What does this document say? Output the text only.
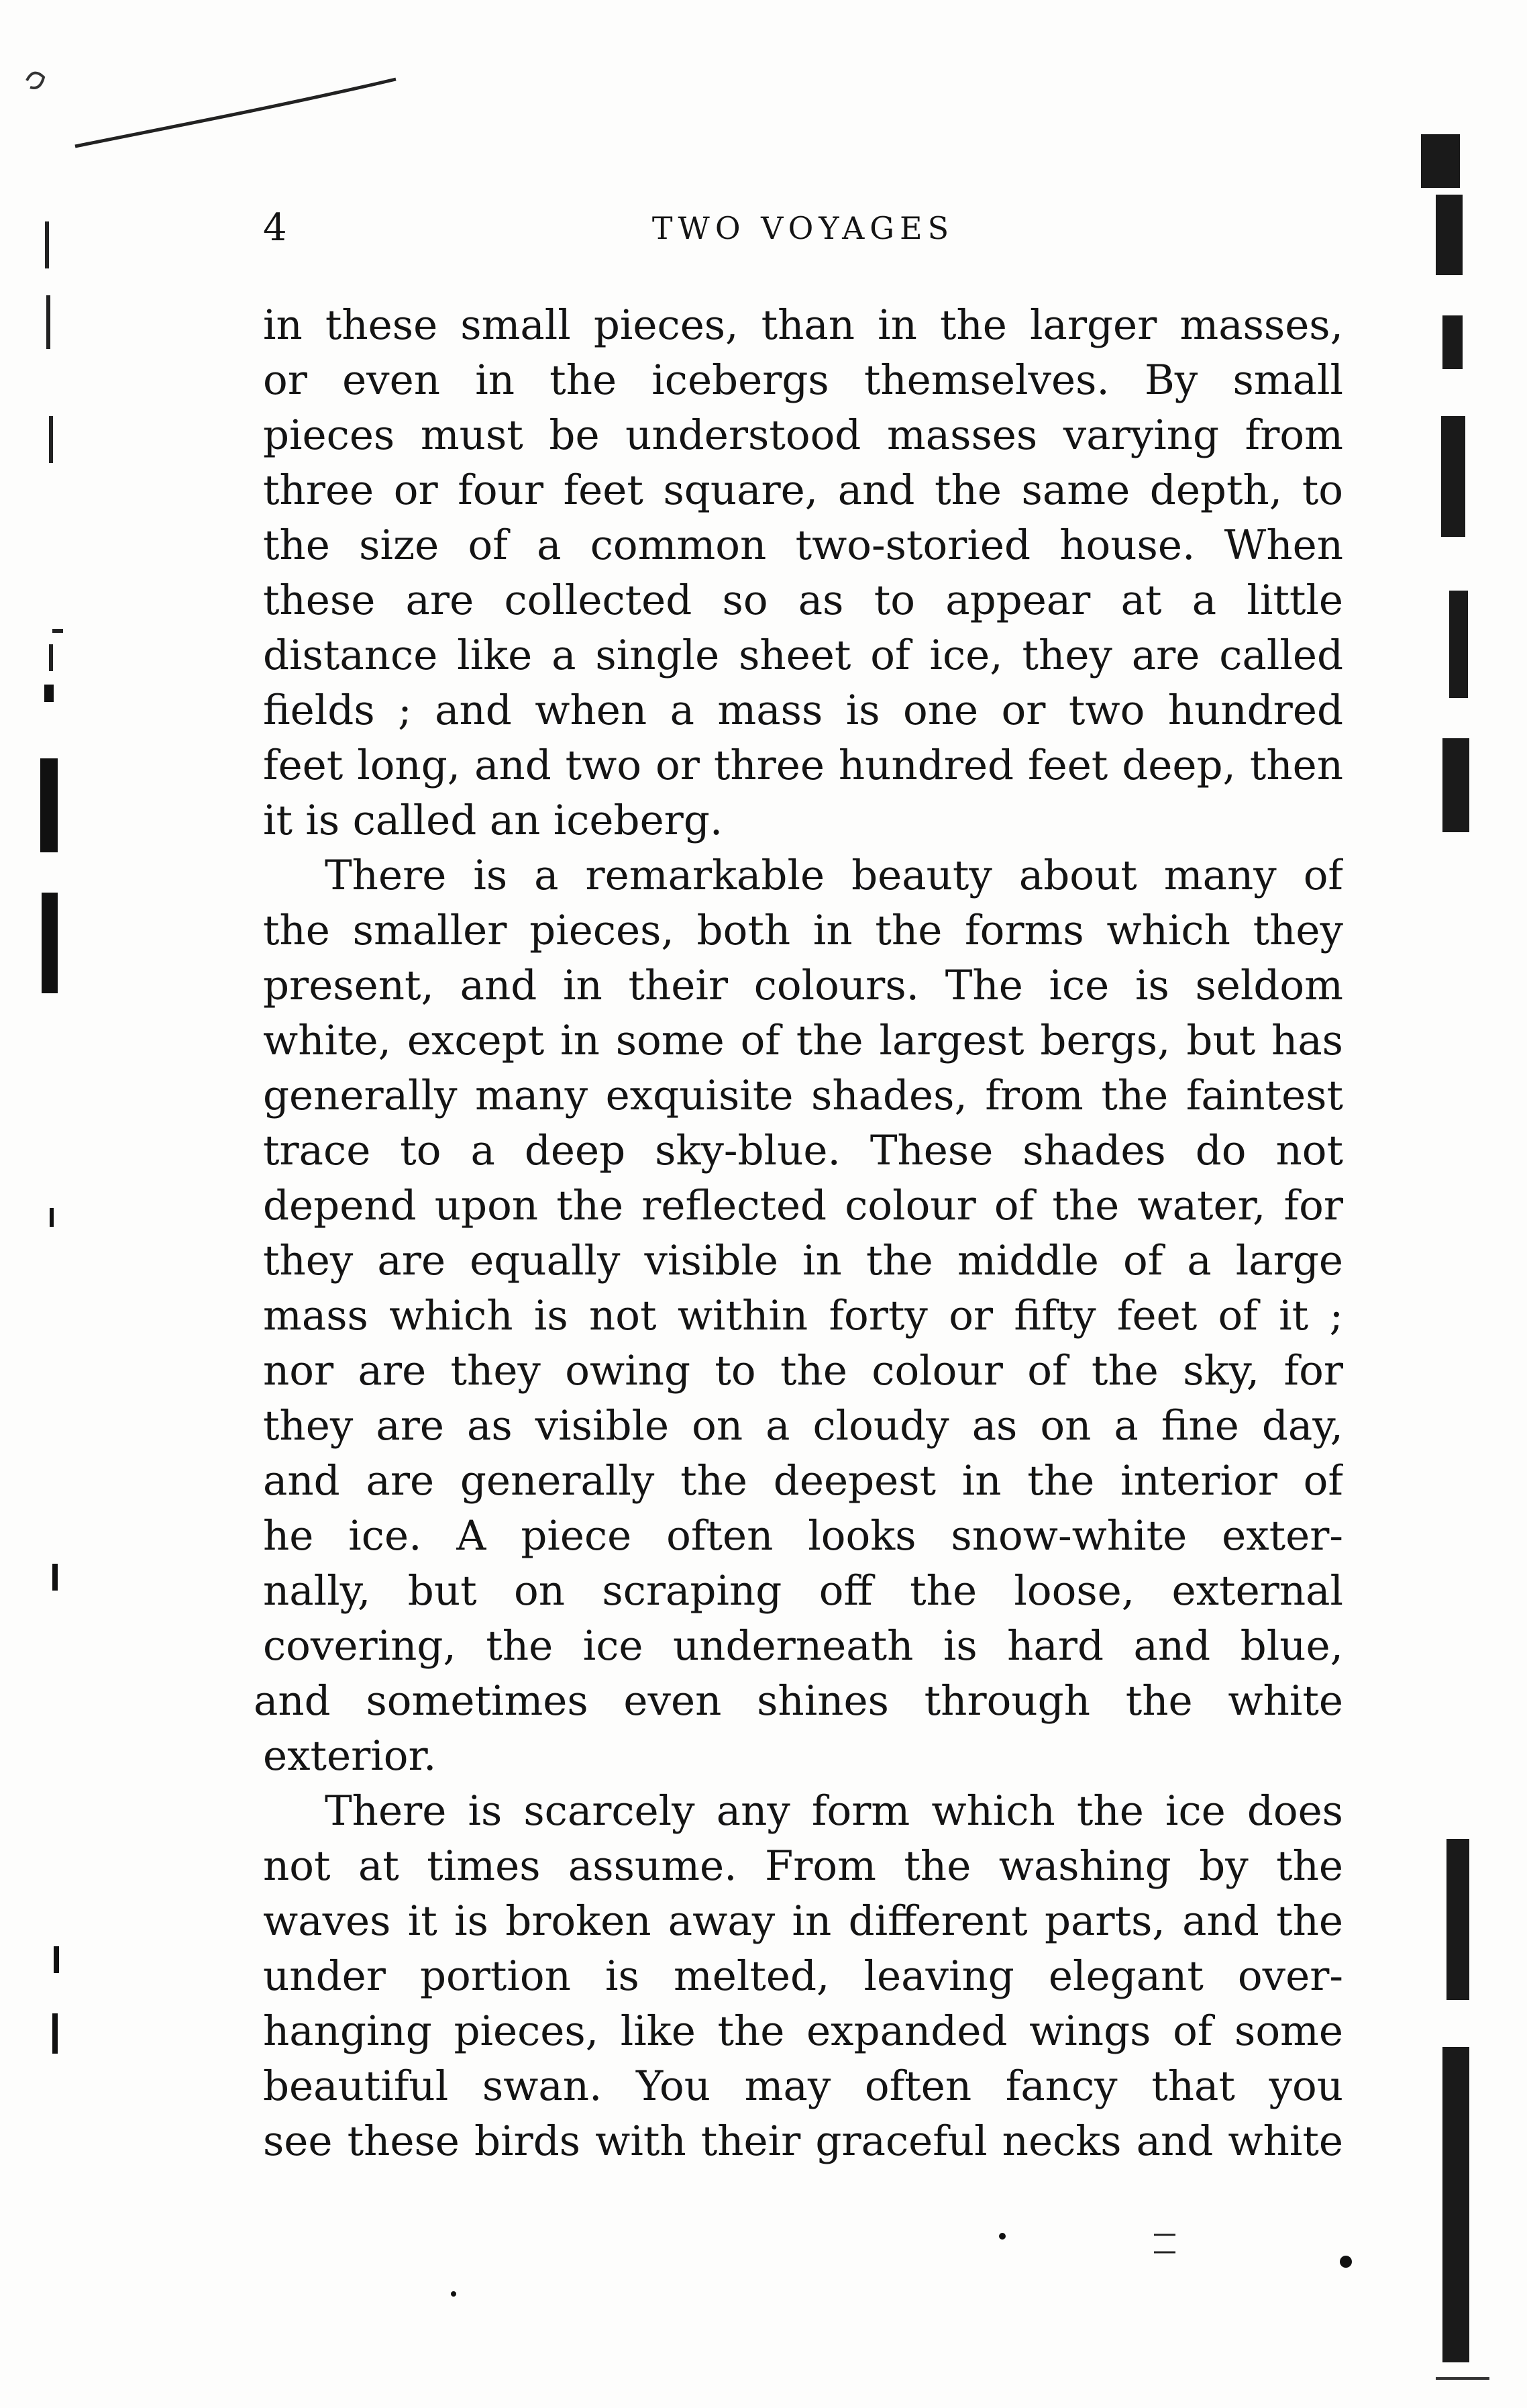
4	TWO VOYAGES
in these small pieces, than in the larger masses,
or even in the icebergs themselves. By small
pieces must be understood masses varying from
three or four feet square, and the same depth, to
the size of a common two-storied house. When
these are collected so as to appear at a little
distance like a single sheet of ice, they are called
fields ; and when a mass is one or two hundred
feet long, and two or three hundred feet deep, then
it is called an iceberg.
There is a remarkable beauty about many of
the smaller pieces, both in the forms which they
present, and in their colours. The ice is seldom
white, except in some of the largest bergs, but has
generally many exquisite shades, from the faintest
trace to a deep sky-blue. These shades do not
depend upon the reflected colour of the water, for
they are equally visible in the middle of a large
mass which is not within forty or fifty feet of it ;
nor are they owing to the colour of the sky, for
they are as visible on a cloudy as on a fine day,
and are generally the deepest in the interior of
he ice. A piece often looks snow-white exter-
nally, but on scraping off the loose, external
covering, the ice underneath is hard and blue,
and sometimes even shines through the white
exterior.
There is scarcely any form which the ice does
not at times assume. From the washing by the
waves it is broken away in different parts, and the
under portion is melted, leaving elegant over-
hanging pieces, like the expanded wings of some
beautiful swan. You may often fancy that you
see these birds with their graceful necks and white
